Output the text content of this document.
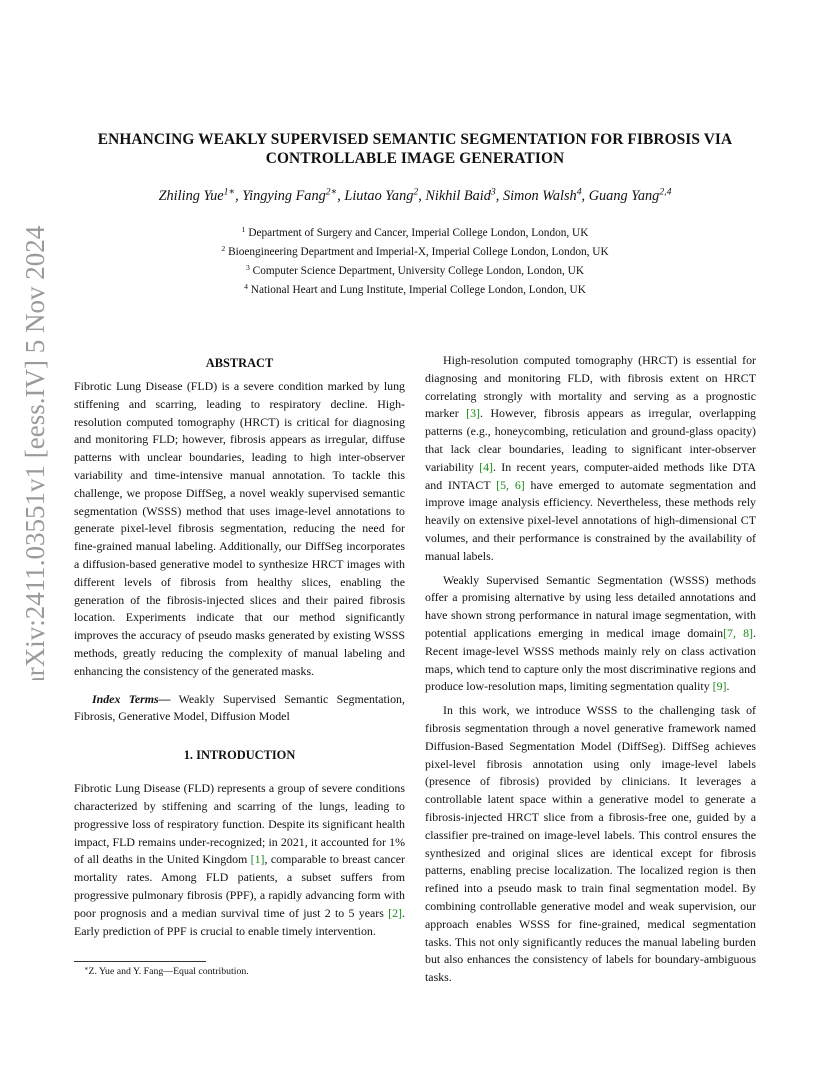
arXiv:2411.03551v1 [eess.IV] 5 Nov 2024
ENHANCING WEAKLY SUPERVISED SEMANTIC SEGMENTATION FOR FIBROSIS VIA
CONTROLLABLE IMAGE GENERATION
Zhiling Yue$^{1∗}$, Yingying Fang$^{2∗}$, Liutao Yang$^2$, Nikhil Baid$^3$, Simon Walsh$^4$, Guang Yang$^{2,4}$
$^1$ Department of Surgery and Cancer, Imperial College London, London, UK
$^2$ Bioengineering Department and Imperial-X, Imperial College London, London, UK
$^3$ Computer Science Department, University College London, London, UK
$^4$ National Heart and Lung Institute, Imperial College London, London, UK
ABSTRACT

Fibrotic Lung Disease (FLD) is a severe condition marked by lung stiffening and scarring, leading to respiratory decline. High-resolution computed tomography (HRCT) is critical for diagnosing and monitoring FLD; however, fibrosis appears as irregular, diffuse patterns with unclear boundaries, leading to high inter-observer variability and time-intensive manual annotation. To tackle this challenge, we propose DiffSeg, a novel weakly supervised semantic segmentation (WSSS) method that uses image-level annotations to generate pixel-level fibrosis segmentation, reducing the need for fine-grained manual labeling. Additionally, our DiffSeg incorporates a diffusion-based generative model to synthesize HRCT images with different levels of fibrosis from healthy slices, enabling the generation of the fibrosis-injected slices and their paired fibrosis location. Experiments indicate that our method significantly improves the accuracy of pseudo masks generated by existing WSSS methods, greatly reducing the complexity of manual labeling and enhancing the consistency of the generated masks.

Index Terms— Weakly Supervised Semantic Segmentation, Fibrosis, Generative Model, Diffusion Model

1. INTRODUCTION

Fibrotic Lung Disease (FLD) represents a group of severe conditions characterized by stiffening and scarring of the lungs, leading to progressive loss of respiratory function. Despite its significant health impact, FLD remains under-recognized; in 2021, it accounted for 1% of all deaths in the United Kingdom [1], comparable to breast cancer mortality rates. Among FLD patients, a subset suffers from progressive pulmonary fibrosis (PPF), a rapidly advancing form with poor prognosis and a median survival time of just 2 to 5 years [2]. Early prediction of PPF is crucial to enable timely intervention.

High-resolution computed tomography (HRCT) is essential for diagnosing and monitoring FLD, with fibrosis extent on HRCT correlating strongly with mortality and serving as a prognostic marker [3]. However, fibrosis appears as irregular, overlapping patterns (e.g., honeycombing, reticulation and ground-glass opacity) that lack clear boundaries, leading to significant inter-observer variability [4]. In recent years, computer-aided methods like DTA and INTACT [5, 6] have emerged to automate segmentation and improve image analysis efficiency. Nevertheless, these methods rely heavily on extensive pixel-level annotations of high-dimensional CT volumes, and their performance is constrained by the availability of manual labels.

Weakly Supervised Semantic Segmentation (WSSS) methods offer a promising alternative by using less detailed annotations and have shown strong performance in natural image segmentation, with potential applications emerging in medical image domain[7, 8]. Recent image-level WSSS methods mainly rely on class activation maps, which tend to capture only the most discriminative regions and produce low-resolution maps, limiting segmentation quality [9].

In this work, we introduce WSSS to the challenging task of fibrosis segmentation through a novel generative framework named Diffusion-Based Segmentation Model (DiffSeg). DiffSeg achieves pixel-level fibrosis annotation using only image-level labels (presence of fibrosis) provided by clinicians. It leverages a controllable latent space within a generative model to generate a fibrosis-injected HRCT slice from a fibrosis-free one, guided by a classifier pre-trained on image-level labels. This control ensures the synthesized and original slices are identical except for fibrosis patterns, enabling precise localization. The localized region is then refined into a pseudo mask to train final segmentation model. By combining controllable generative model and weak supervision, our approach enables WSSS for fine-grained, medical segmentation tasks. This not only significantly reduces the manual labeling burden but also enhances the consistency of labels for boundary-ambiguous tasks.

∗Z. Yue and Y. Fang—Equal contribution.
